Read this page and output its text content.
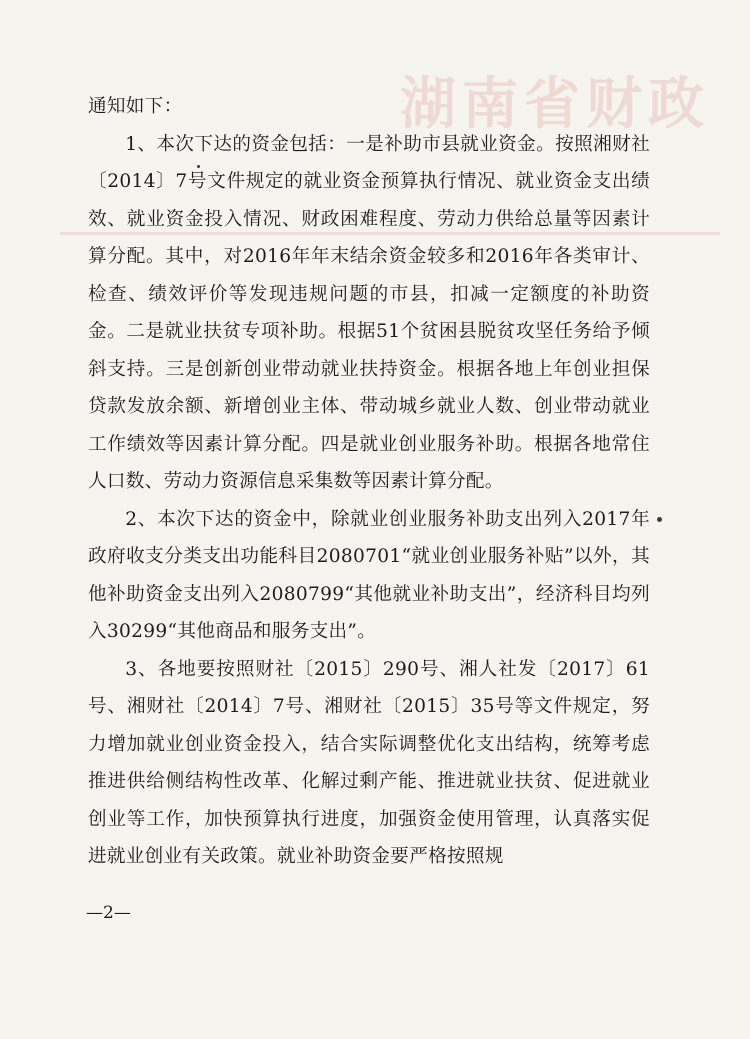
湖南省财政

通知如下：

1、本次下达的资金包括：一是补助市县就业资金。按照湘财社〔2014〕7号文件规定的就业资金预算执行情况、就业资金支出绩效、就业资金投入情况、财政困难程度、劳动力供给总量等因素计算分配。其中，对2016年年末结余资金较多和2016年各类审计、检查、绩效评价等发现违规问题的市县，扣减一定额度的补助资金。二是就业扶贫专项补助。根据51个贫困县脱贫攻坚任务给予倾斜支持。三是创新创业带动就业扶持资金。根据各地上年创业担保贷款发放余额、新增创业主体、带动城乡就业人数、创业带动就业工作绩效等因素计算分配。四是就业创业服务补助。根据各地常住人口数、劳动力资源信息采集数等因素计算分配。

2、本次下达的资金中，除就业创业服务补助支出列入2017年政府收支分类支出功能科目2080701“就业创业服务补贴”以外，其他补助资金支出列入2080799“其他就业补助支出”，经济科目均列入30299“其他商品和服务支出”。

3、各地要按照财社〔2015〕290号、湘人社发〔2017〕61号、湘财社〔2014〕7号、湘财社〔2015〕35号等文件规定，努力增加就业创业资金投入，结合实际调整优化支出结构，统筹考虑推进供给侧结构性改革、化解过剩产能、推进就业扶贫、促进就业创业等工作，加快预算执行进度，加强资金使用管理，认真落实促进就业创业有关政策。就业补助资金要严格按照规

—2—
